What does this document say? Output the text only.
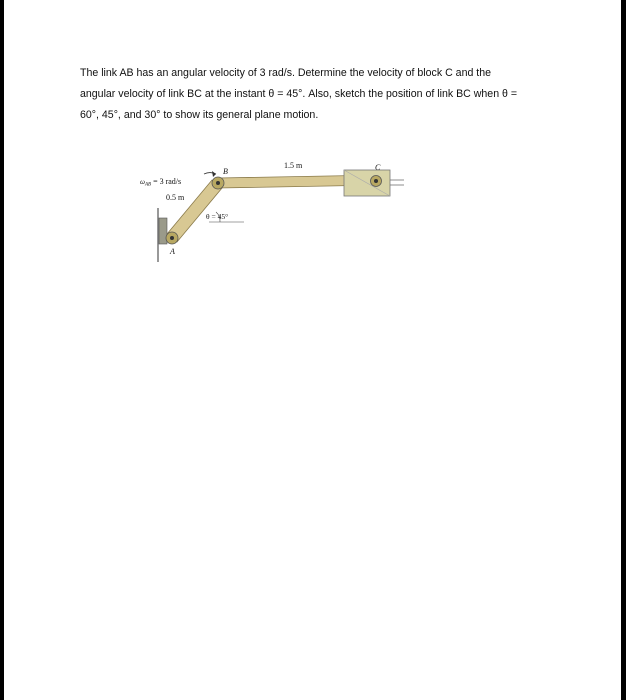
The link AB has an angular velocity of 3 rad/s. Determine the velocity of block C and the

angular velocity of link BC at the instant θ = 45°. Also, sketch the position of link BC when θ =

60°, 45°, and 30° to show its general plane motion.

$\omega_{AB} = 3$ rad/s
0.5 m
B
1.5 m	C
A
θ = 45°
